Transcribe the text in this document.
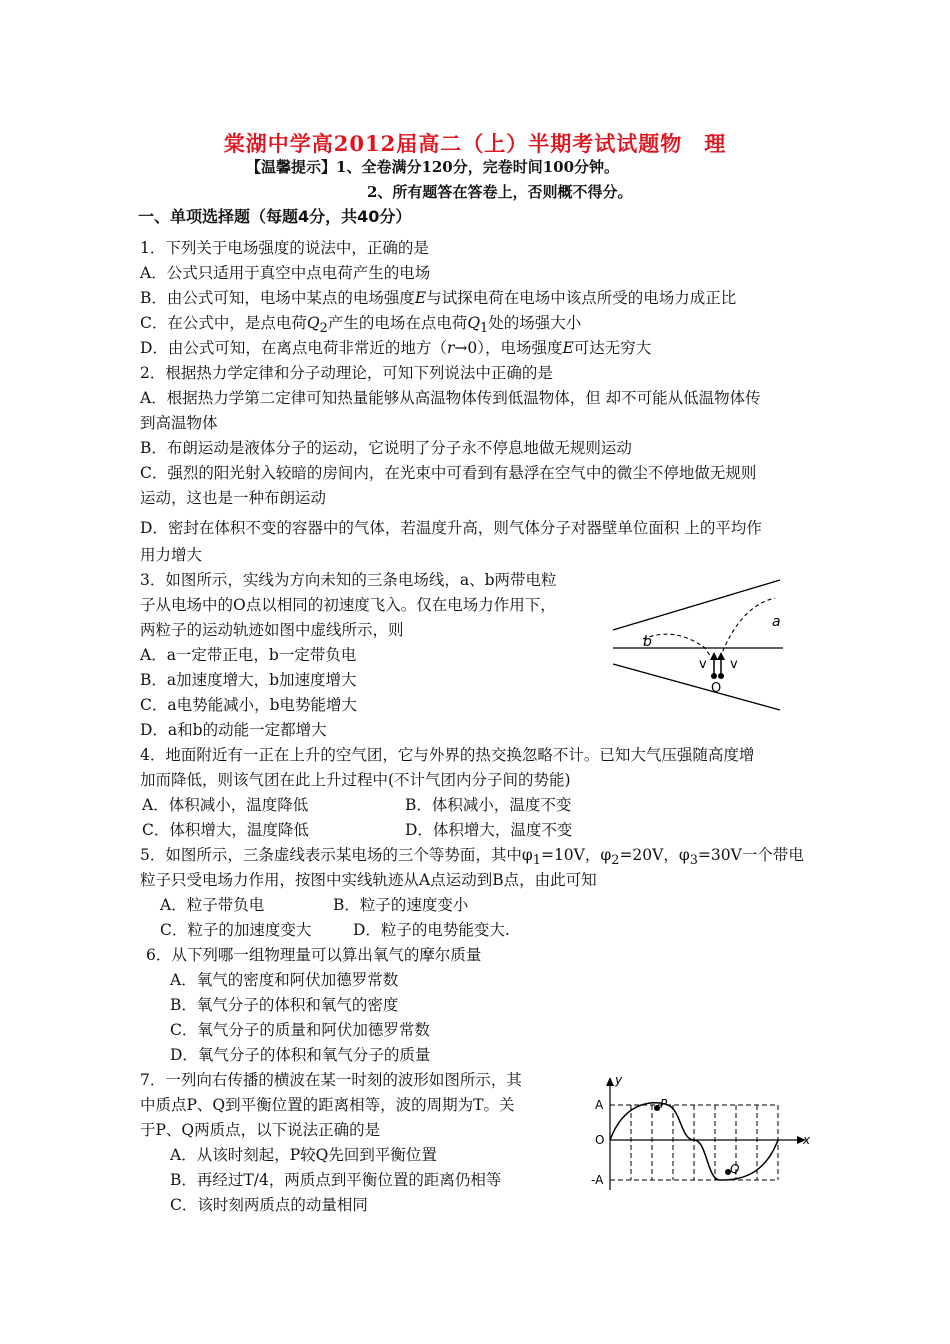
棠湖中学高2012届高二（上）半期考试试题物　理
【温馨提示】1、全卷满分120分，完卷时间100分钟。
2、所有题答在答卷上，否则概不得分。
一、单项选择题（每题4分，共40分）
1．下列关于电场强度的说法中，正确的是
A．公式只适用于真空中点电荷产生的电场
B．由公式可知，电场中某点的电场强度E与试探电荷在电场中该点所受的电场力成正比
C．在公式中，是点电荷$Q_2$产生的电场在点电荷$Q_1$处的场强大小
D．由公式可知，在离点电荷非常近的地方（r→0），电场强度E可达无穷大
2．根据热力学定律和分子动理论，可知下列说法中正确的是
A．根据热力学第二定律可知热量能够从高温物体传到低温物体，但 却不可能从低温物体传
到高温物体
B．布朗运动是液体分子的运动，它说明了分子永不停息地做无规则运动
C．强烈的阳光射入较暗的房间内，在光束中可看到有悬浮在空气中的微尘不停地做无规则
运动，这也是一种布朗运动
D．密封在体积不变的容器中的气体，若温度升高，则气体分子对器壁单位面积 上的平均作
用力增大
3．如图所示，实线为方向未知的三条电场线，a、b两带电粒
子从电场中的O点以相同的初速度飞入。仅在电场力作用下，
两粒子的运动轨迹如图中虚线所示，则
A．a一定带正电，b一定带负电
B．a加速度增大，b加速度增大
C．a电势能减小，b电势能增大
D．a和b的动能一定都增大
a
b
v v
O
4．地面附近有一正在上升的空气团，它与外界的热交换忽略不计。已知大气压强随高度增
加而降低，则该气团在此上升过程中(不计气团内分子间的势能)
A．体积减小，温度降低	B．体积减小，温度不变
C．体积增大，温度降低	D．体积增大，温度不变
5．如图所示，三条虚线表示某电场的三个等势面，其中$\varphi_1=10V$，$\varphi_2=20V$，$\varphi_3=30V$一个带电
粒子只受电场力作用，按图中实线轨迹从A点运动到B点，由此可知
A．粒子带负电	B．粒子的速度变小
C．粒子的加速度变大	D．粒子的电势能变大.
6．从下列哪一组物理量可以算出氧气的摩尔质量
A．氧气的密度和阿伏加德罗常数
B．氧气分子的体积和氧气的密度
C．氧气分子的质量和阿伏加德罗常数
D．氧气分子的体积和氧气分子的质量
7．一列向右传播的横波在某一时刻的波形如图所示，其
中质点P、Q到平衡位置的距离相等，波的周期为T。关
于P、Q两质点，以下说法正确的是
A．从该时刻起，P较Q先回到平衡位置
B．再经过T/4，两质点到平衡位置的距离仍相等
C．该时刻两质点的动量相同
y
x
A
O
-A
P
Q
